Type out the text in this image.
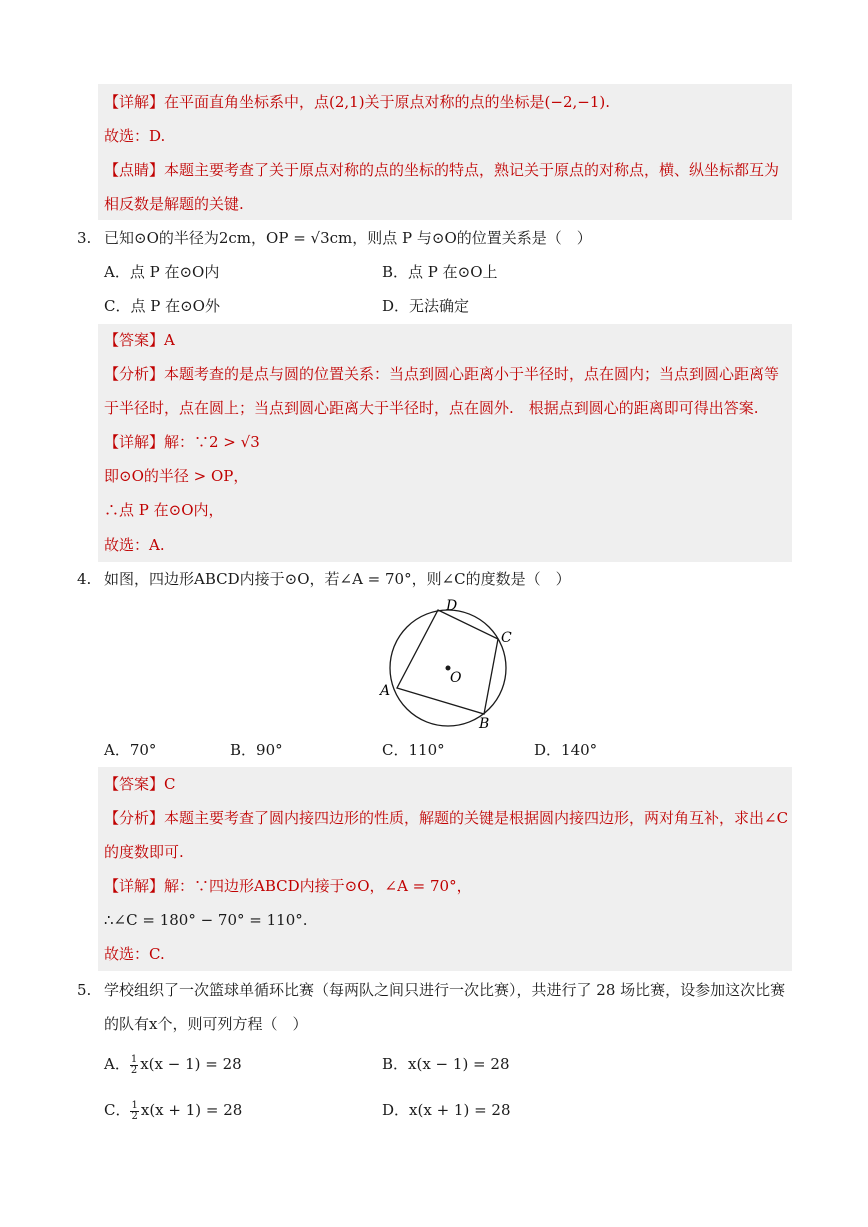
【详解】在平面直角坐标系中，点(2,1)关于原点对称的点的坐标是(−2,−1).
故选：D.
【点睛】本题主要考查了关于原点对称的点的坐标的特点，熟记关于原点的对称点，横、纵坐标都互为
相反数是解题的关键.
3. 已知⊙O的半径为2cm，OP = √3cm，则点 P 与⊙O的位置关系是（　）
A．点 P 在⊙O内	B．点 P 在⊙O上
C．点 P 在⊙O外	D．无法确定
【答案】A
【分析】本题考查的是点与圆的位置关系：当点到圆心距离小于半径时，点在圆内；当点到圆心距离等
于半径时，点在圆上；当点到圆心距离大于半径时，点在圆外.　根据点到圆心的距离即可得出答案.
【详解】解：∵2 > √3
即⊙O的半径 > OP，
∴点 P 在⊙O内，
故选：A.
4. 如图，四边形ABCD内接于⊙O，若∠A = 70°，则∠C的度数是（　）
O
A
B
C
D
A．70°	B．90°	C．110°	D．140°
【答案】C
【分析】本题主要考查了圆内接四边形的性质，解题的关键是根据圆内接四边形，两对角互补，求出∠C
的度数即可.
【详解】解：∵四边形ABCD内接于⊙O，∠A = 70°，
∴∠C = 180° − 70° = 110°.
故选：C.
5. 学校组织了一次篮球单循环比赛（每两队之间只进行一次比赛），共进行了 28 场比赛，设参加这次比赛
的队有x个，则可列方程（　）
A． $\frac{1}{2} x(x - 1) = 28$	B．x(x − 1) = 28
C． $\frac{1}{2} x(x + 1) = 28$	D．x(x + 1) = 28
